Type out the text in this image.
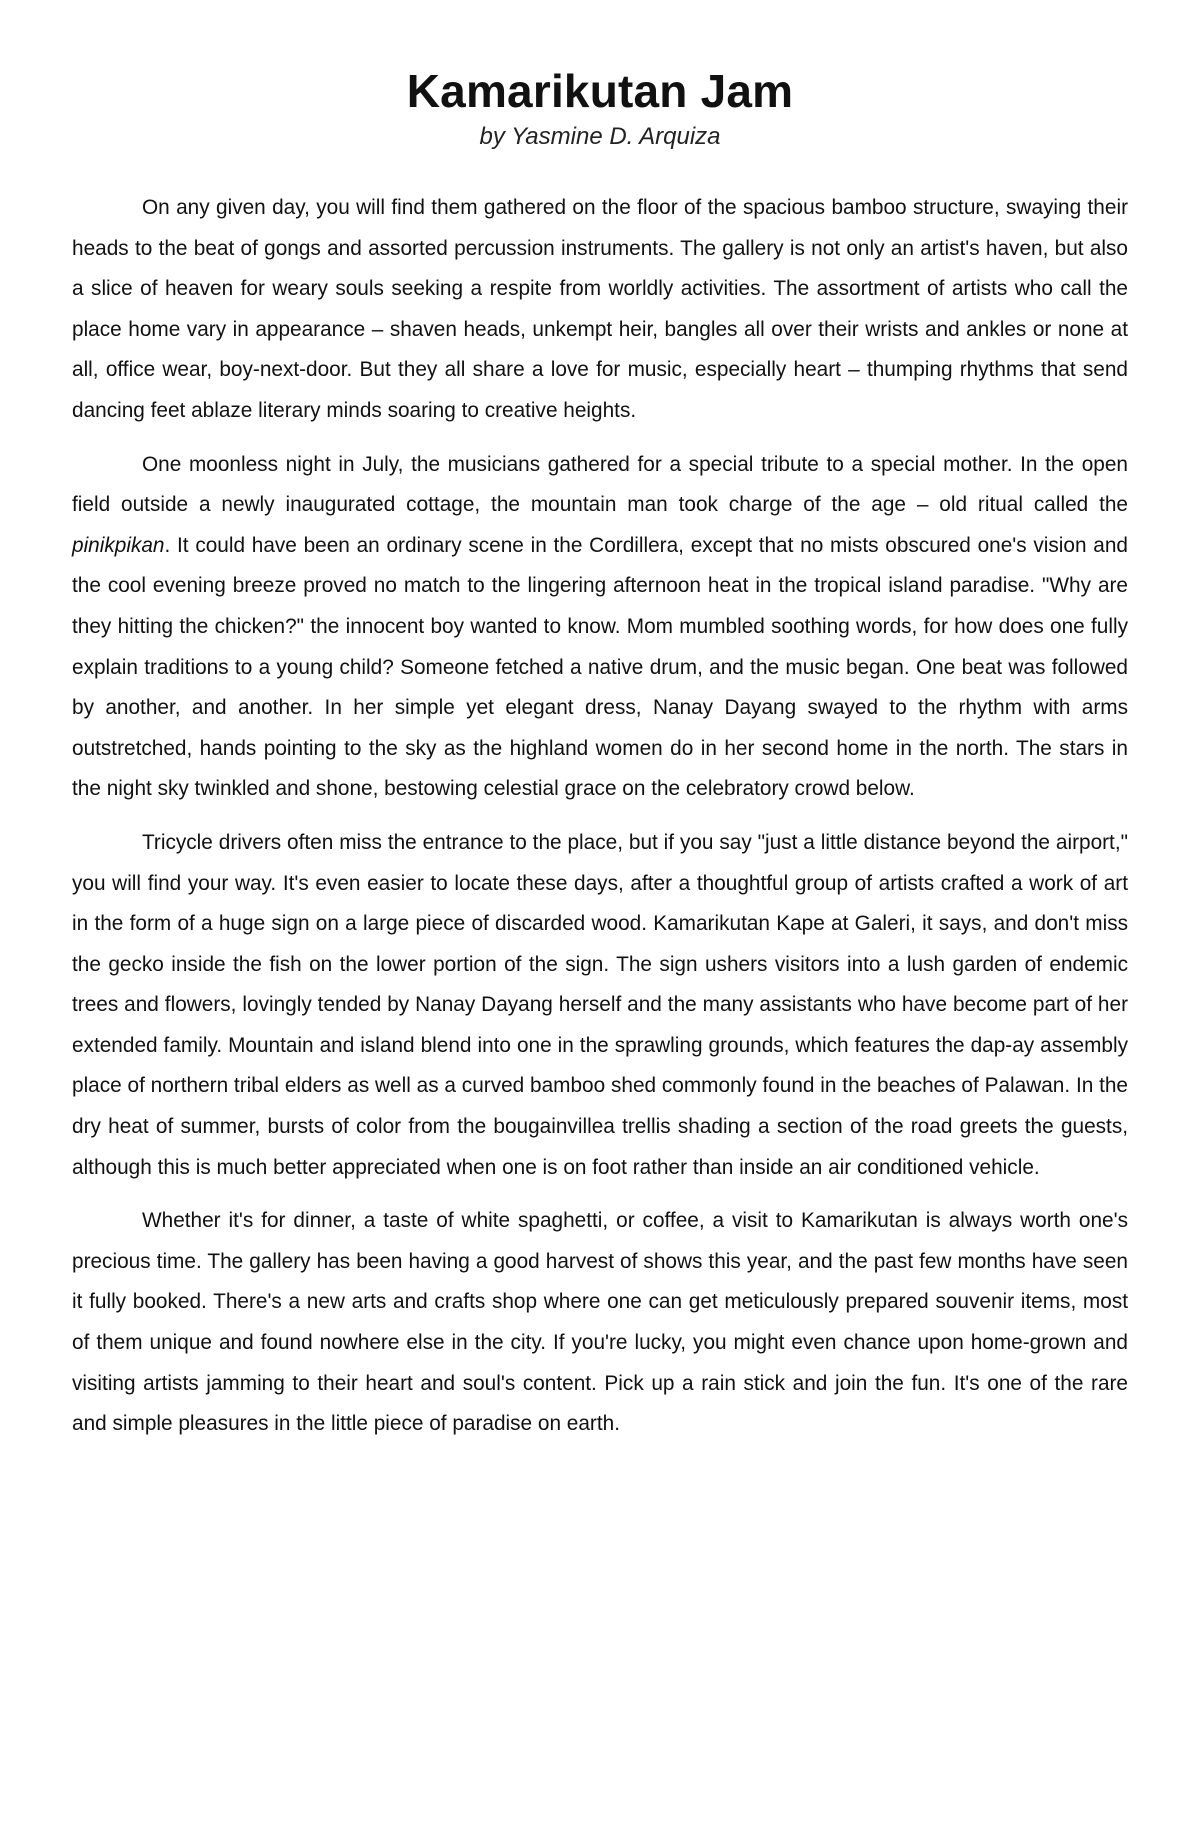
Kamarikutan Jam

by Yasmine D. Arquiza

On any given day, you will find them gathered on the floor of the spacious bamboo structure, swaying their heads to the beat of gongs and assorted percussion instruments. The gallery is not only an artist's haven, but also a slice of heaven for weary souls seeking a respite from worldly activities. The assortment of artists who call the place home vary in appearance – shaven heads, unkempt heir, bangles all over their wrists and ankles or none at all, office wear, boy-next-door. But they all share a love for music, especially heart – thumping rhythms that send dancing feet ablaze literary minds soaring to creative heights.

One moonless night in July, the musicians gathered for a special tribute to a special mother. In the open field outside a newly inaugurated cottage, the mountain man took charge of the age – old ritual called the pinikpikan. It could have been an ordinary scene in the Cordillera, except that no mists obscured one's vision and the cool evening breeze proved no match to the lingering afternoon heat in the tropical island paradise. "Why are they hitting the chicken?" the innocent boy wanted to know. Mom mumbled soothing words, for how does one fully explain traditions to a young child? Someone fetched a native drum, and the music began. One beat was followed by another, and another. In her simple yet elegant dress, Nanay Dayang swayed to the rhythm with arms outstretched, hands pointing to the sky as the highland women do in her second home in the north. The stars in the night sky twinkled and shone, bestowing celestial grace on the celebratory crowd below.

Tricycle drivers often miss the entrance to the place, but if you say "just a little distance beyond the airport," you will find your way. It's even easier to locate these days, after a thoughtful group of artists crafted a work of art in the form of a huge sign on a large piece of discarded wood. Kamarikutan Kape at Galeri, it says, and don't miss the gecko inside the fish on the lower portion of the sign. The sign ushers visitors into a lush garden of endemic trees and flowers, lovingly tended by Nanay Dayang herself and the many assistants who have become part of her extended family. Mountain and island blend into one in the sprawling grounds, which features the dap-ay assembly place of northern tribal elders as well as a curved bamboo shed commonly found in the beaches of Palawan. In the dry heat of summer, bursts of color from the bougainvillea trellis shading a section of the road greets the guests, although this is much better appreciated when one is on foot rather than inside an air conditioned vehicle.

Whether it's for dinner, a taste of white spaghetti, or coffee, a visit to Kamarikutan is always worth one's precious time. The gallery has been having a good harvest of shows this year, and the past few months have seen it fully booked. There's a new arts and crafts shop where one can get meticulously prepared souvenir items, most of them unique and found nowhere else in the city. If you're lucky, you might even chance upon home-grown and visiting artists jamming to their heart and soul's content. Pick up a rain stick and join the fun. It's one of the rare and simple pleasures in the little piece of paradise on earth.
